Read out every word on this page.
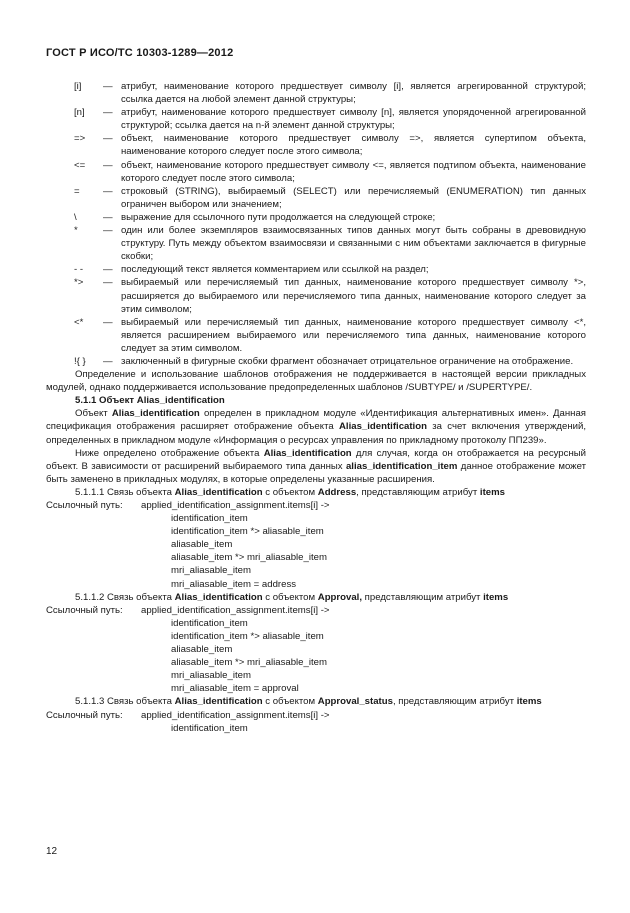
ГОСТ Р ИСО/ТС 10303-1289—2012
[i]	— атрибут, наименование которого предшествует символу [i], является агрегированной структурой; ссылка дается на любой элемент данной структуры;
[n]	— атрибут, наименование которого предшествует символу [n], является упорядоченной агрегированной структурой; ссылка дается на n-й элемент данной структуры;
=>	— объект, наименование которого предшествует символу =>, является супертипом объекта, наименование которого следует после этого символа;
<=	— объект, наименование которого предшествует символу <=, является подтипом объекта, наименование которого следует после этого символа;
=	— строковый (STRING), выбираемый (SELECT) или перечисляемый (ENUMERATION) тип данных ограничен выбором или значением;
\	— выражение для ссылочного пути продолжается на следующей строке;
*	— один или более экземпляров взаимосвязанных типов данных могут быть собраны в древовидную структуру. Путь между объектом взаимосвязи и связанными с ним объектами заключается в фигурные скобки;
- -	— последующий текст является комментарием или ссылкой на раздел;
*>	— выбираемый или перечисляемый тип данных, наименование которого предшествует символу *>, расширяется до выбираемого или перечисляемого типа данных, наименование которого следует за этим символом;
<*	— выбираемый или перечисляемый тип данных, наименование которого предшествует символу <*, является расширением выбираемого или перечисляемого типа данных, наименование которого следует за этим символом.
!{ }	— заключенный в фигурные скобки фрагмент обозначает отрицательное ограничение на отображение.

Определение и использование шаблонов отображения не поддерживается в настоящей версии прикладных модулей, однако поддерживается использование предопределенных шаблонов /SUBTYPE/ и /SUPERTYPE/.

5.1.1 Объект Alias_identification

Объект Alias_identification определен в прикладном модуле «Идентификация альтернативных имен». Данная спецификация отображения расширяет отображение объекта Alias_identification за счет включения утверждений, определенных в прикладном модуле «Информация о ресурсах управления по прикладному протоколу ПП239».

Ниже определено отображение объекта Alias_identification для случая, когда он отображается на ресурсный объект. В зависимости от расширений выбираемого типа данных alias_identification_item данное отображение может быть заменено в прикладных модулях, в которые определены указанные расширения.

5.1.1.1 Связь объекта Alias_identification с объектом Address, представляющим атрибут items

Ссылочный путь:	applied_identification_assignment.items[i] ->
identification_item
identification_item *> aliasable_item
aliasable_item
aliasable_item *> mri_aliasable_item
mri_aliasable_item
mri_aliasable_item = address

5.1.1.2 Связь объекта Alias_identification с объектом Approval, представляющим атрибут items

Ссылочный путь:	applied_identification_assignment.items[i] ->
identification_item
identification_item *> aliasable_item
aliasable_item
aliasable_item *> mri_aliasable_item
mri_aliasable_item
mri_aliasable_item = approval

5.1.1.3 Связь объекта Alias_identification с объектом Approval_status, представляющим атрибут items

Ссылочный путь:	applied_identification_assignment.items[i] ->
identification_item
12
